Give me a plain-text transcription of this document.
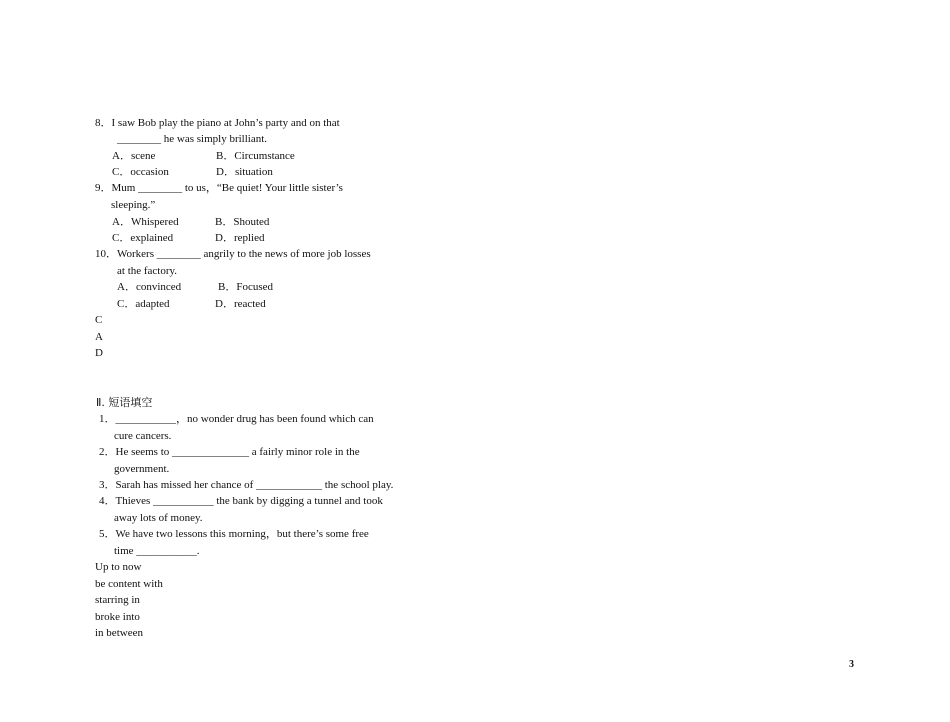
8．I saw Bob play the piano at John’s party and on that
________ he was simply brilliant.
A．scene	B．Circumstance
C．occasion	D．situation
9．Mum ________ to us，“Be quiet! Your little sister’s
sleeping.”
A．Whispered	B．Shouted
C．explained	D．replied
10．Workers ________ angrily to the news of more job losses
at the factory.
A．convinced	B．Focused
C．adapted	D．reacted
C
A
D
Ⅱ. 短语填空
1．___________，no wonder drug has been found which can
cure cancers.
2．He seems to ______________ a fairly minor role in the
government.
3．Sarah has missed her chance of ____________ the school play.
4．Thieves ___________ the bank by digging a tunnel and took
away lots of money.
5．We have two lessons this morning，but there’s some free
time ___________.
Up to now
be content with
starring in
broke into
in between
3
